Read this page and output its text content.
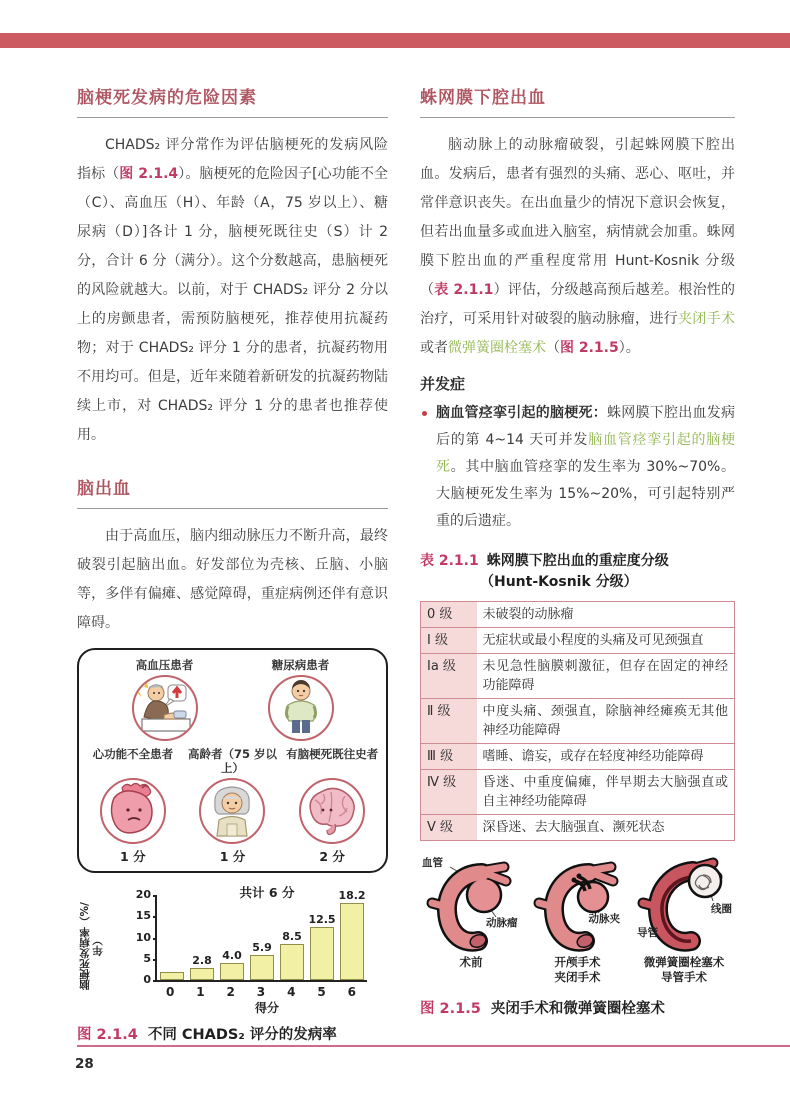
脑梗死发病的危险因素

CHADS₂ 评分常作为评估脑梗死的发病风险指标（图 2.1.4）。脑梗死的危险因子[心功能不全（C）、高血压（H）、年龄（A，75 岁以上）、糖尿病（D）]各计 1 分，脑梗死既往史（S）计 2 分，合计 6 分（满分）。这个分数越高，患脑梗死的风险就越大。以前，对于 CHADS₂ 评分 2 分以上的房颤患者，需预防脑梗死，推荐使用抗凝药物；对于 CHADS₂ 评分 1 分的患者，抗凝药物用不用均可。但是，近年来随着新研发的抗凝药物陆续上市，对 CHADS₂ 评分 1 分的患者也推荐使用。

脑出血

由于高血压，脑内细动脉压力不断升高，最终破裂引起脑出血。好发部位为壳核、丘脑、小脑等，多伴有偏瘫、感觉障碍，重症病例还伴有意识障碍。

高血压患者	糖尿病患者
心功能不全患者
1 分
高龄者（75 岁以上）
1 分
有脑梗死既往史者
2 分
共计 6 分
脑梗死发病率（%/ 年）
2.8 4.0
5.9
8.5
12.5
18.2
0
5
10
15
20
0	1	2	3	4	5	6
得分
图 2.1.4 不同 CHADS₂ 评分的发病率
蛛网膜下腔出血

脑动脉上的动脉瘤破裂，引起蛛网膜下腔出血。发病后，患者有强烈的头痛、恶心、呕吐，并常伴意识丧失。在出血量少的情况下意识会恢复，但若出血量多或血进入脑室，病情就会加重。蛛网膜下腔出血的严重程度常用 Hunt-Kosnik 分级（表 2.1.1）评估，分级越高预后越差。根治性的治疗，可采用针对破裂的脑动脉瘤，进行夹闭手术或者微弹簧圈栓塞术（图 2.1.5）。

并发症
脑血管痉挛引起的脑梗死：蛛网膜下腔出血发病后的第 4~14 天可并发脑血管痉挛引起的脑梗死。其中脑血管痉挛的发生率为 30%~70%。大脑梗死发生率为 15%~20%，可引起特别严重的后遗症。
表 2.1.1 蛛网膜下腔出血的重症度分级
（Hunt-Kosnik 分级）
0 级	未破裂的动脉瘤
I 级	无症状或最小程度的头痛及可见颈强直
Ia 级	未见急性脑膜刺激征，但存在固定的神经功能障碍
Ⅱ 级	中度头痛、颈强直，除脑神经瘫痪无其他神经功能障碍
Ⅲ 级	嗜睡、谵妄，或存在轻度神经功能障碍
Ⅳ 级	昏迷、中重度偏瘫，伴早期去大脑强直或自主神经功能障碍
Ⅴ 级	深昏迷、去大脑强直、濒死状态
血管
动脉瘤
术前
动脉夹
开颅手术
夹闭手术
导管
线圈
微弹簧圈栓塞术
导管手术
图 2.1.5 夹闭手术和微弹簧圈栓塞术
28
